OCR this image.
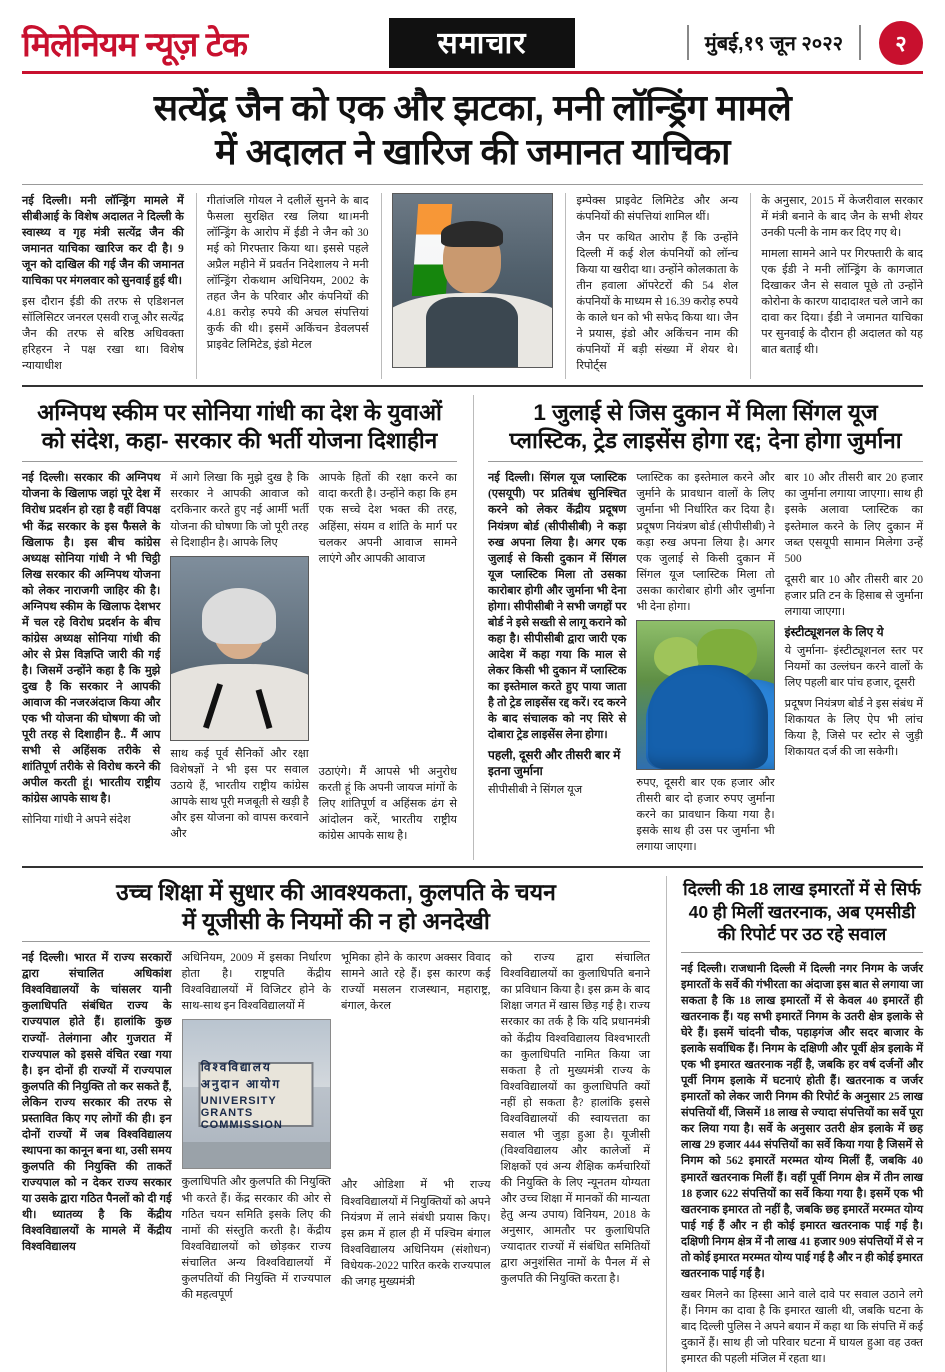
मिलेनियम न्यूज़ टेक	समाचार	मुंबई,१९ जून २०२२	२
सत्येंद्र जैन को एक और झटका, मनी लॉन्ड्रिंग मामले
में अदालत ने खारिज की जमानत याचिका

नई दिल्ली। मनी लॉन्ड्रिंग मामले में सीबीआई के विशेष अदालत ने दिल्ली के स्वास्थ्य व गृह मंत्री सत्येंद्र जैन की जमानत याचिका खारिज कर दी है। 9 जून को दाखिल की गई जैन की जमानत याचिका पर मंगलवार को सुनवाई हुई थी।

इस दौरान ईडी की तरफ से एडिशनल सॉलिसिटर जनरल एसवी राजू और सत्येंद्र जैन की तरफ से बरिष्ठ अधिवक्ता हरिहरन ने पक्ष रखा था। विशेष न्यायाधीश

गीतांजलि गोयल ने दलीलें सुनने के बाद फैसला सुरक्षित रख लिया था।मनी लॉन्ड्रिंग के आरोप में ईडी ने जैन को 30 मई को गिरफ्तार किया था। इससे पहले अप्रैल महीने में प्रवर्तन निदेशालय ने मनी लॉन्ड्रिंग रोकथाम अधिनियम, 2002 के तहत जैन के परिवार और कंपनियों की 4.81 करोड़ रुपये की अचल संपत्तियां कुर्क की थी। इसमें अकिंचन डेवलपर्स प्राइवेट लिमिटेड, इंडो मेटल

इम्पेक्स प्राइवेट लिमिटेड और अन्य कंपनियों की संपत्तियां शामिल थीं।

जैन पर कथित आरोप हैं कि उन्होंने दिल्ली में कई शेल कंपनियों को लॉन्च किया या खरीदा था। उन्होंने कोलकाता के तीन हवाला ऑपरेटरों की 54 शेल कंपनियों के माध्यम से 16.39 करोड़ रुपये के काले धन को भी सफेद किया था। जैन ने प्रयास, इंडो और अकिंचन नाम की कंपनियों में बड़ी संख्या में शेयर थे। रिपोर्ट्स

के अनुसार, 2015 में केजरीवाल सरकार में मंत्री बनाने के बाद जैन के सभी शेयर उनकी पत्नी के नाम कर दिए गए थे।

मामला सामने आने पर गिरफ्तारी के बाद एक ईडी ने मनी लॉन्ड्रिंग के कागजात दिखाकर जैन से सवाल पूछे तो उन्होंने कोरोना के कारण यादादाश्त चले जाने का दावा कर दिया। ईडी ने जमानत याचिका पर सुनवाई के दौरान ही अदालत को यह बात बताई थी।

अग्निपथ स्कीम पर सोनिया गांधी का देश के युवाओं
को संदेश, कहा- सरकार की भर्ती योजना दिशाहीन

नई दिल्ली। सरकार की अग्निपथ योजना के खिलाफ जहां पूरे देश में विरोध प्रदर्शन हो रहा है वहीं विपक्ष भी केंद्र सरकार के इस फैसले के खिलाफ है। इस बीच कांग्रेस अध्यक्ष सोनिया गांधी ने भी चिट्ठी लिख सरकार की अग्निपथ योजना को लेकर नाराजगी जाहिर की है।अग्निपथ स्कीम के खिलाफ देशभर में चल रहे विरोध प्रदर्शन के बीच कांग्रेस अध्यक्ष सोनिया गांधी की ओर से प्रेस विज्ञप्ति जारी की गई है। जिसमें उन्होंने कहा है कि मुझे दुख है कि सरकार ने आपकी आवाज की नजरअंदाज किया और एक भी योजना की घोषणा की जो पूरी तरह से दिशाहीन है.. मैं आप सभी से अहिंसक तरीके से शांतिपूर्ण तरीके से विरोध करने की अपील करती हूं। भारतीय राष्ट्रीय कांग्रेस आपके साथ है।

सोनिया गांधी ने अपने संदेश

में आगे लिखा कि मुझे दुख है कि सरकार ने आपकी आवाज को दरकिनार करते हुए नई आर्मी भर्ती योजना की घोषणा कि जो पूरी तरह से दिशाहीन है। आपके लिए

साथ कई पूर्व सैनिकों और रक्षा विशेषज्ञों ने भी इस पर सवाल उठाये हैं, भारतीय राष्ट्रीय कांग्रेस आपके साथ पूरी मजबूती से खड़ी है और इस योजना को वापस करवाने और

आपके हितों की रक्षा करने का वादा करती है। उन्होंने कहा कि हम एक सच्चे देश भक्त की तरह, अहिंसा, संयम व शांति के मार्ग पर चलकर अपनी आवाज सामने लाएंगे और आपकी आवाज

उठाएंगे। मैं आपसे भी अनुरोध करती हूं कि अपनी जायज मांगों के लिए शांतिपूर्ण व अहिंसक ढंग से आंदोलन करें, भारतीय राष्ट्रीय कांग्रेस आपके साथ है।

1 जुलाई से जिस दुकान में मिला सिंगल यूज
प्लास्टिक, ट्रेड लाइसेंस होगा रद्द; देना होगा जुर्माना

नई दिल्ली। सिंगल यूज प्लास्टिक (एसयूपी) पर प्रतिबंध सुनिश्चित करने को लेकर केंद्रीय प्रदूषण नियंत्रण बोर्ड (सीपीसीबी) ने कड़ा रुख अपना लिया है। अगर एक जुलाई से किसी दुकान में सिंगल यूज प्लास्टिक मिला तो उसका कारोबार होगी और जुर्माना भी देना होगा। सीपीसीबी ने सभी जगहों पर बोर्ड ने इसे सख्ती से लागू कराने को कहा है। सीपीसीबी द्वारा जारी एक आदेश में कहा गया कि माल से लेकर किसी भी दुकान में प्लास्टिक का इस्तेमाल करते हुए पाया जाता है तो ट्रेड लाइसेंस रद्द करें। रद करने के बाद संचालक को नए सिरे से दोबारा ट्रेड लाइसेंस लेना होगा।

पहली, दूसरी और तीसरी बार में इतना जुर्माना

सीपीसीबी ने सिंगल यूज

प्लास्टिक का इस्तेमाल करने और जुर्माने के प्रावधान वालों के लिए जुर्माना भी निर्धारित कर दिया है। प्रदूषण नियंत्रण बोर्ड (सीपीसीबी) ने कड़ा रुख अपना लिया है। अगर एक जुलाई से किसी दुकान में सिंगल यूज प्लास्टिक मिला तो उसका कारोबार होगी और जुर्माना भी देना होगा।

रुपए, दूसरी बार एक हजार और तीसरी बार दो हजार रुपए जुर्माना करने का प्रावधान किया गया है। इसके साथ ही उस पर जुर्माना भी लगाया जाएगा।

बार 10 और तीसरी बार 20 हजार का जुर्माना लगाया जाएगा। साथ ही इसके अलावा प्लास्टिक का इस्तेमाल करने के लिए दुकान में जब्त एसयूपी सामान मिलेगा उन्हें 500

दूसरी बार 10 और तीसरी बार 20 हजार प्रति टन के हिसाब से जुर्माना लगाया जाएगा।

इंस्टीट्यूशनल के लिए ये

ये जुर्माना- इंस्टीट्यूशनल स्तर पर नियमों का उल्लंघन करने वालों के लिए पहली बार पांच हजार, दूसरी

प्रदूषण नियंत्रण बोर्ड ने इस संबंध में शिकायत के लिए ऐप भी लांच किया है, जिसे पर स्टोर से जुड़ी शिकायत दर्ज की जा सकेगी।

उच्च शिक्षा में सुधार की आवश्यकता, कुलपति के चयन
में यूजीसी के नियमों की न हो अनदेखी

नई दिल्ली। भारत में राज्य सरकारों द्वारा संचालित अधिकांश विश्वविद्यालयों के चांसलर यानी कुलाधिपति संबंधित राज्य के राज्यपाल होते हैं। हालांकि कुछ राज्यों- तेलंगाना और गुजरात में राज्यपाल को इससे वंचित रखा गया है। इन दोनों ही राज्यों में राज्यपाल कुलपति की नियुक्ति तो कर सकते हैं, लेकिन राज्य सरकार की तरफ से प्रस्तावित किए गए लोगों की ही। इन दोनों राज्यों में जब विश्वविद्यालय स्थापना का कानून बना था, उसी समय कुलपति की नियुक्ति की ताकतें राज्यपाल को न देकर राज्य सरकार या उसके द्वारा गठित पैनलों को दी गई थी। ध्यातव्य है कि केंद्रीय विश्वविद्यालयों के मामले में केंद्रीय विश्वविद्यालय

अधिनियम, 2009 में इसका निर्धारण होता है। राष्ट्रपति केंद्रीय विश्वविद्यालयों में विजिटर होने के साथ-साथ इन विश्वविद्यालयों में

विश्वविद्यालय अनुदान आयोग
UNIVERSITY GRANTS COMMISSION

कुलाधिपति और कुलपति की नियुक्ति भी करते हैं। केंद्र सरकार की ओर से गठित चयन समिति इसके लिए की नामों की संस्तुति करती है। केंद्रीय विश्वविद्यालयों को छोड़कर राज्य संचालित अन्य विश्वविद्यालयों में कुलपतियों की नियुक्ति में राज्यपाल की महत्वपूर्ण

भूमिका होने के कारण अक्सर विवाद सामने आते रहे हैं। इस कारण कई राज्यों मसलन राजस्थान, महाराष्ट्र, बंगाल, केरल

और ओडिशा में भी राज्य विश्वविद्यालयों में नियुक्तियों को अपने नियंत्रण में लाने संबंधी प्रयास किए। इस क्रम में हाल ही में पश्चिम बंगाल विश्वविद्यालय अधिनियम (संशोधन) विधेयक-2022 पारित करके राज्यपाल की जगह मुख्यमंत्री

को राज्य द्वारा संचालित विश्वविद्यालयों का कुलाधिपति बनाने का प्रविधान किया है। इस क्रम के बाद शिक्षा जगत में खास छिड़ गई है। राज्य सरकार का तर्क है कि यदि प्रधानमंत्री को केंद्रीय विश्वविद्यालय विश्वभारती का कुलाधिपति नामित किया जा सकता है तो मुख्यमंत्री राज्य के विश्वविद्यालयों का कुलाधिपति क्यों नहीं हो सकता है? हालांकि इससे विश्वविद्यालयों की स्वायत्तता का सवाल भी जुड़ा हुआ है। यूजीसी (विश्वविद्यालय और कालेजों में शिक्षकों एवं अन्य शैक्षिक कर्मचारियों की नियुक्ति के लिए न्यूनतम योग्यता और उच्च शिक्षा में मानकों की मान्यता हेतु अन्य उपाय) विनियम, 2018 के अनुसार, आमतौर पर कुलाधिपति ज्यादातर राज्यों में संबंधित समितियों द्वारा अनुशंसित नामों के पैनल में से कुलपति की नियुक्ति करता है।

दिल्ली की 18 लाख इमारतों में से सिर्फ
40 ही मिलीं खतरनाक, अब एमसीडी
की रिपोर्ट पर उठ रहे सवाल

नई दिल्ली। राजधानी दिल्ली में दिल्ली नगर निगम के जर्जर इमारतों के सर्वे की गंभीरता का अंदाजा इस बात से लगाया जा सकता है कि 18 लाख इमारतों में से केवल 40 इमारतें ही खतरनाक हैं। यह सभी इमारतें निगम के उतरी क्षेत्र इलाके से घेरे हैं। इसमें चांदनी चौक, पहाड़गंज और सदर बाजार के इलाके सर्वाधिक हैं। निगम के दक्षिणी और पूर्वी क्षेत्र इलाके में एक भी इमारत खतरनाक नहीं है, जबकि हर वर्ष दर्जनों और पूर्वी निगम इलाके में घटनाएं होती हैं। खतरनाक व जर्जर इमारतों को लेकर जारी निगम की रिपोर्ट के अनुसार 25 लाख संपत्तियों थीं, जिसमें 18 लाख से ज्यादा संपत्तियों का सर्वे पूरा कर लिया गया है। सर्वे के अनुसार उतरी क्षेत्र इलाके में छह लाख 29 हजार 444 संपत्तियों का सर्वे किया गया है जिसमें से निगम को 562 इमारतें मरम्मत योग्य मिलीं हैं, जबकि 40 इमारतें खतरनाक मिलीं हैं। वहीं पूर्वी निगम क्षेत्र में तीन लाख 18 हजार 622 संपत्तियों का सर्वे किया गया है। इसमें एक भी खतरनाक इमारत तो नहीं है, जबकि छह इमारतें मरम्मत योग्य पाई गई हैं और न ही कोई इमारत खतरनाक पाई गई है। दक्षिणी निगम क्षेत्र में नौ लाख 41 हजार 909 संपत्तियों में से न तो कोई इमारत मरम्मत योग्य पाई गई है और न ही कोई इमारत खतरनाक पाई गई है।

खबर मिलने का हिस्सा आने वाले दावे पर सवाल उठाने लगे हैं। निगम का दावा है कि इमारत खाली थी, जबकि घटना के बाद दिल्ली पुलिस ने अपने बयान में कहा था कि संपत्ति में कई दुकानें हैं। साथ ही जो परिवार घटना में घायल हुआ वह उक्त इमारत की पहली मंजिल में रहता था।
